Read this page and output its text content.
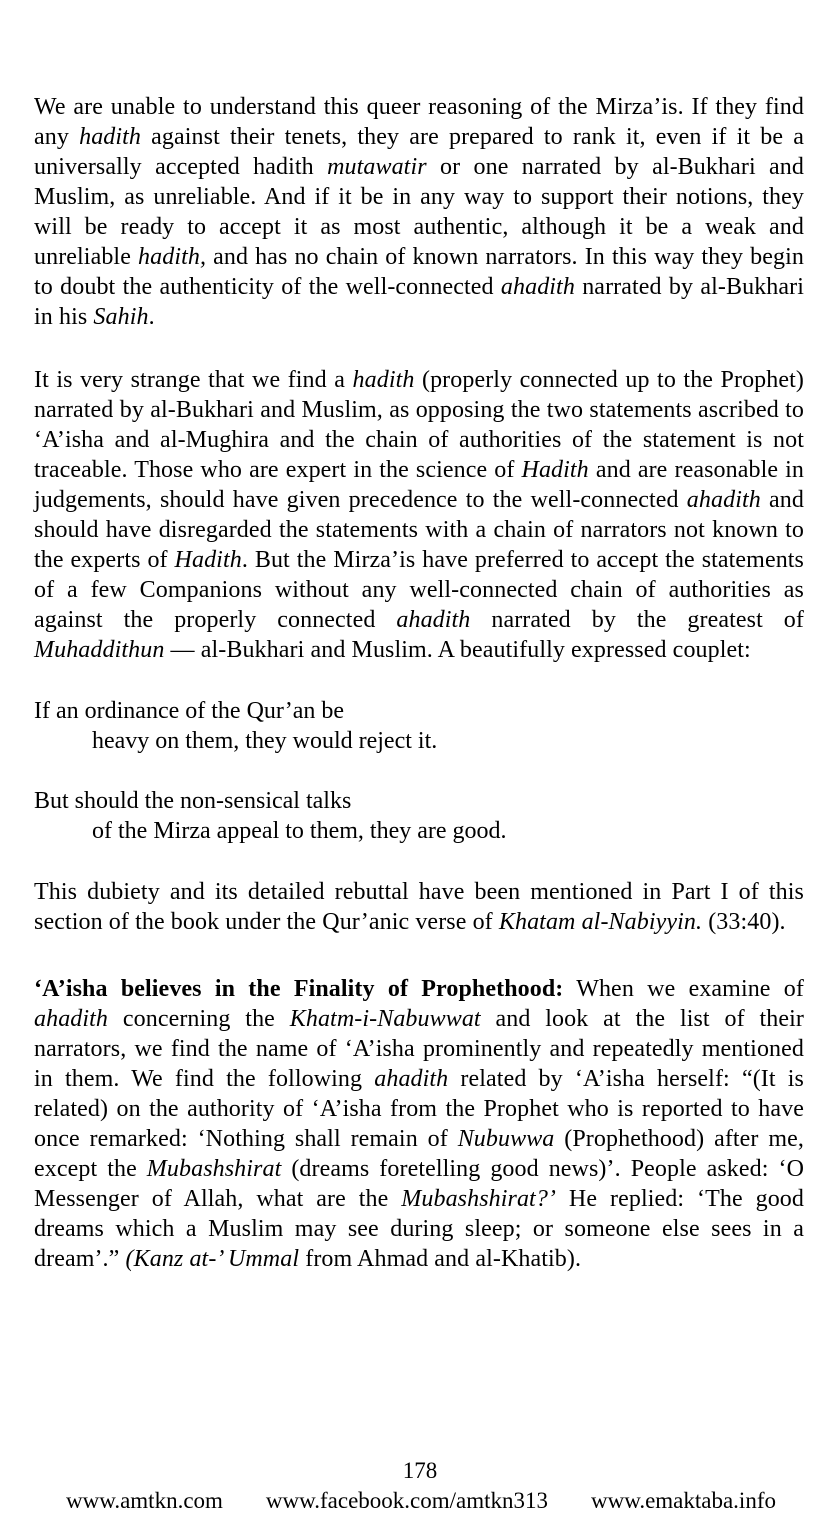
We are unable to understand this queer reasoning of the Mirza’is. If they find any hadith against their tenets, they are prepared to rank it, even if it be a universally accepted hadith mutawatir or one narrated by al-Bukhari and Muslim, as unreliable. And if it be in any way to support their notions, they will be ready to accept it as most authentic, although it be a weak and unreliable hadith, and has no chain of known narrators. In this way they begin to doubt the authenticity of the well-connected ahadith narrated by al-Bukhari in his Sahih.

It is very strange that we find a hadith (properly connected up to the Prophet) narrated by al-Bukhari and Muslim, as opposing the two statements ascribed to ‘A’isha and al-Mughira and the chain of authorities of the statement is not traceable. Those who are expert in the science of Hadith and are reasonable in judgements, should have given precedence to the well-connected ahadith and should have disregarded the statements with a chain of narrators not known to the experts of Hadith. But the Mirza’is have preferred to accept the statements of a few Companions without any well-connected chain of authorities as against the properly connected ahadith narrated by the greatest of Muhaddithun — al-Bukhari and Muslim. A beautifully expressed couplet:

If an ordinance of the Qur’an be
heavy on them, they would reject it.
But should the non-sensical talks
of the Mirza appeal to them, they are good.

This dubiety and its detailed rebuttal have been mentioned in Part I of this section of the book under the Qur’anic verse of Khatam al-Nabiyyin. (33:40).

‘A’isha believes in the Finality of Prophethood: When we examine of ahadith concerning the Khatm-i-Nabuwwat and look at the list of their narrators, we find the name of ‘A’isha prominently and repeatedly mentioned in them. We find the following ahadith related by ‘A’isha herself: “(It is related) on the authority of ‘A’isha from the Prophet who is reported to have once remarked: ‘Nothing shall remain of Nubuwwa (Prophethood) after me, except the Mubashshirat (dreams foretelling good news)’. People asked: ‘O Messenger of Allah, what are the Mubashshirat?’ He replied: ‘The good dreams which a Muslim may see during sleep; or someone else sees in a dream’.” (Kanz at-’ Ummal from Ahmad and al-Khatib).

178
www.amtkn.com www.facebook.com/amtkn313 www.emaktaba.info
